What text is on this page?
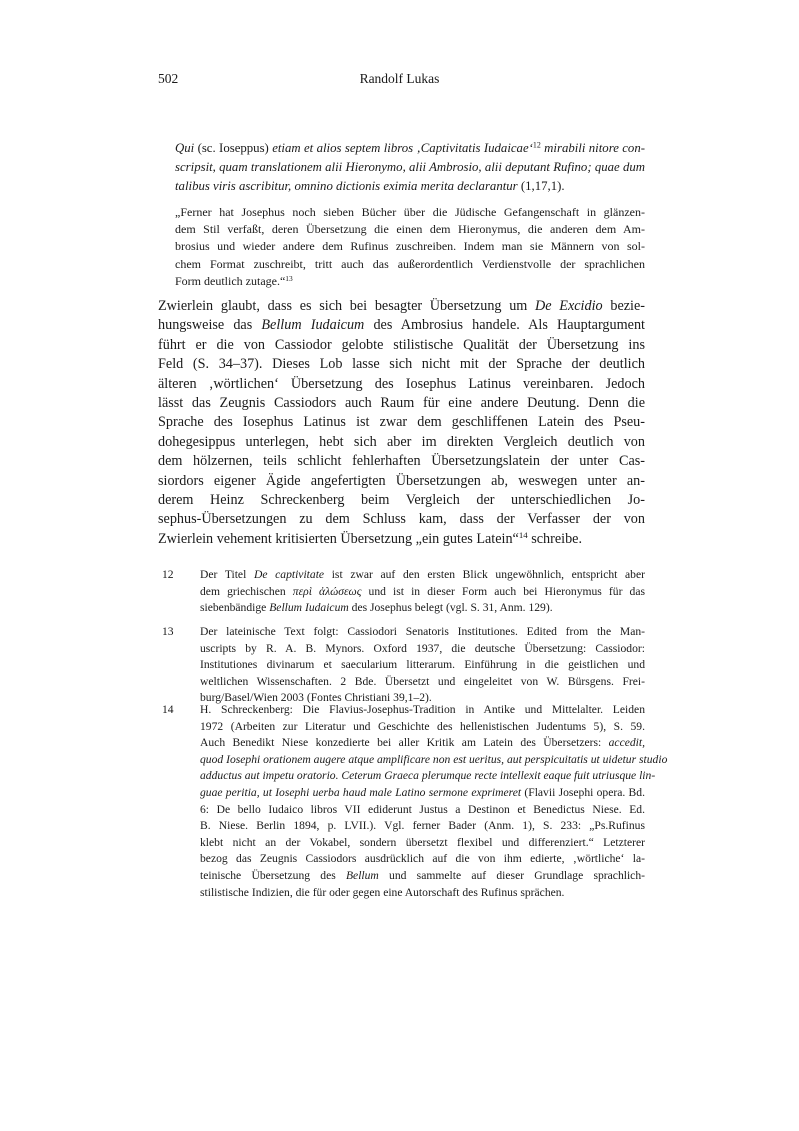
502	Randolf Lukas
Qui (sc. Ioseppus) etiam et alios septem libros ‚Captivitatis Iudaicae‘$^{12}$ mirabili nitore con-
scripsit, quam translationem alii Hieronymo, alii Ambrosio, alii deputant Rufino; quae dum
talibus viris ascribitur, omnino dictionis eximia merita declarantur (1,17,1).
„Ferner hat Josephus noch sieben Bücher über die Jüdische Gefangenschaft in glänzen-
dem Stil verfaßt, deren Übersetzung die einen dem Hieronymus, die anderen dem Am-
brosius und wieder andere dem Rufinus zuschreiben. Indem man sie Männern von sol-
chem Format zuschreibt, tritt auch das außerordentlich Verdienstvolle der sprachlichen
Form deutlich zutage.“$^{13}$
Zwierlein glaubt, dass es sich bei besagter Übersetzung um De Excidio bezie-
hungsweise das Bellum Iudaicum des Ambrosius handele. Als Hauptargument
führt er die von Cassiodor gelobte stilistische Qualität der Übersetzung ins
Feld (S. 34–37). Dieses Lob lasse sich nicht mit der Sprache der deutlich
älteren ‚wörtlichen‘ Übersetzung des Iosephus Latinus vereinbaren. Jedoch
lässt das Zeugnis Cassiodors auch Raum für eine andere Deutung. Denn die
Sprache des Iosephus Latinus ist zwar dem geschliffenen Latein des Pseu-
dohegesippus unterlegen, hebt sich aber im direkten Vergleich deutlich von
dem hölzernen, teils schlicht fehlerhaften Übersetzungslatein der unter Cas-
siordors eigener Ägide angefertigten Übersetzungen ab, weswegen unter an-
derem Heinz Schreckenberg beim Vergleich der unterschiedlichen Jo-
sephus-Übersetzungen zu dem Schluss kam, dass der Verfasser der von
Zwierlein vehement kritisierten Übersetzung „ein gutes Latein“$^{14}$ schreibe.
12 Der Titel De captivitate ist zwar auf den ersten Blick ungewöhnlich, entspricht aber
dem griechischen περὶ ἁλώσεως und ist in dieser Form auch bei Hieronymus für das
siebenbändige Bellum Iudaicum des Josephus belegt (vgl. S. 31, Anm. 129).
13 Der lateinische Text folgt: Cassiodori Senatoris Institutiones. Edited from the Man-
uscripts by R. A. B. Mynors. Oxford 1937, die deutsche Übersetzung: Cassiodor:
Institutiones divinarum et saecularium litterarum. Einführung in die geistlichen und
weltlichen Wissenschaften. 2 Bde. Übersetzt und eingeleitet von W. Bürsgens. Frei-
burg/Basel/Wien 2003 (Fontes Christiani 39,1–2).
14 H. Schreckenberg: Die Flavius-Josephus-Tradition in Antike und Mittelalter. Leiden
1972 (Arbeiten zur Literatur und Geschichte des hellenistischen Judentums 5), S. 59.
Auch Benedikt Niese konzedierte bei aller Kritik am Latein des Übersetzers: accedit,
quod Iosephi orationem augere atque amplificare non est ueritus, aut perspicuitatis ut uidetur studio
adductus aut impetu oratorio. Ceterum Graeca plerumque recte intellexit eaque fuit utriusque lin-
guae peritia, ut Iosephi uerba haud male Latino sermone exprimeret (Flavii Josephi opera. Bd.
6: De bello Iudaico libros VII ediderunt Justus a Destinon et Benedictus Niese. Ed.
B. Niese. Berlin 1894, p. LVII.). Vgl. ferner Bader (Anm. 1), S. 233: „Ps.Rufinus
klebt nicht an der Vokabel, sondern übersetzt flexibel und differenziert.“ Letzterer
bezog das Zeugnis Cassiodors ausdrücklich auf die von ihm edierte, ‚wörtliche‘ la-
teinische Übersetzung des Bellum und sammelte auf dieser Grundlage sprachlich-
stilistische Indizien, die für oder gegen eine Autorschaft des Rufinus sprächen.
